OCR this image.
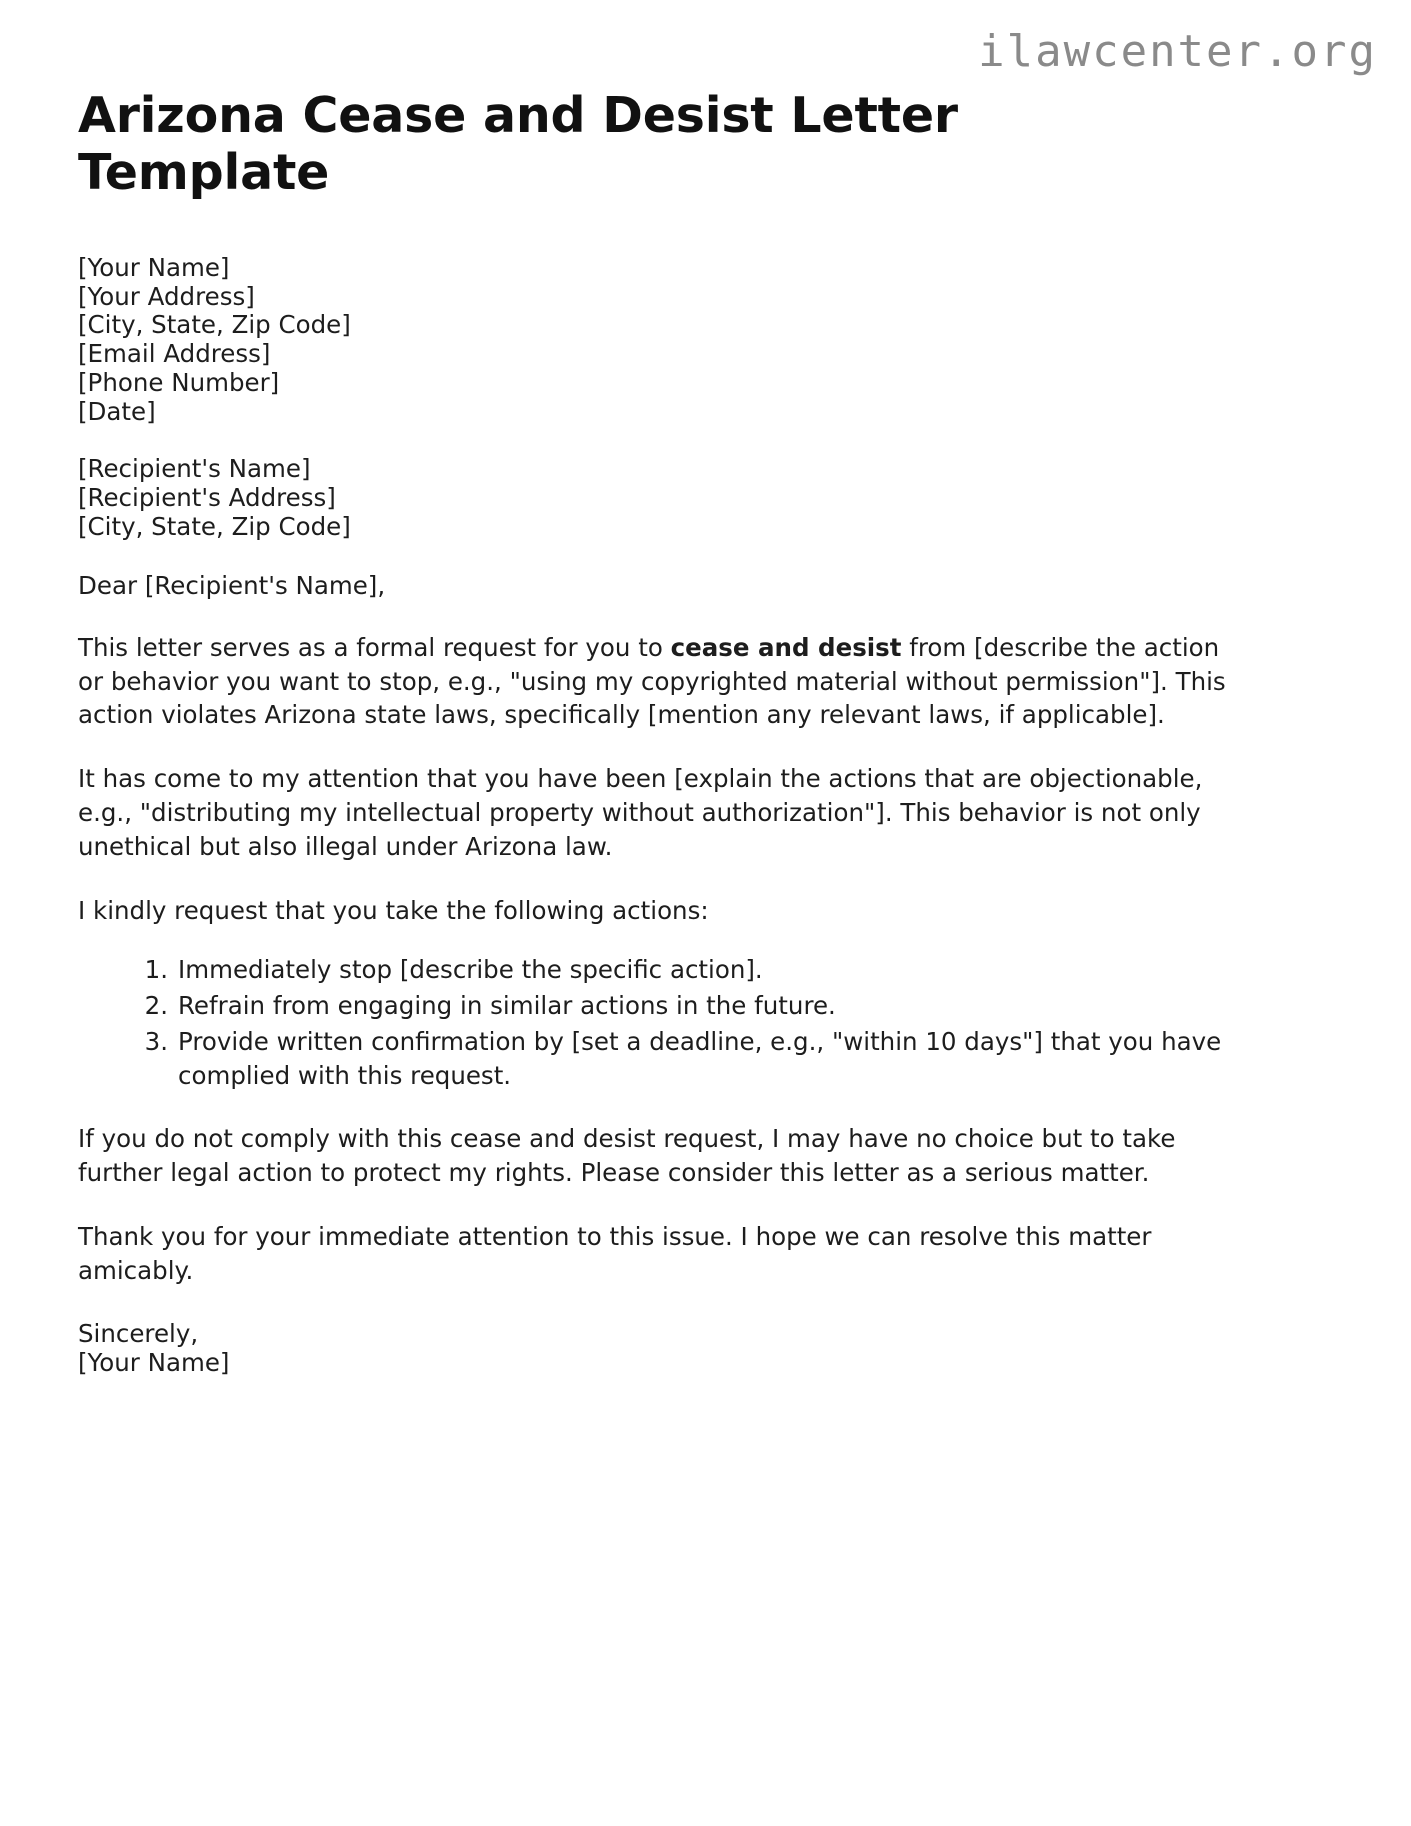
ilawcenter.org
Arizona Cease and Desist Letter Template
[Your Name]
[Your Address]
[City, State, Zip Code]
[Email Address]
[Phone Number]
[Date]
[Recipient's Name]
[Recipient's Address]
[City, State, Zip Code]
Dear [Recipient's Name],

This letter serves as a formal request for you to cease and desist from [describe the action or behavior you want to stop, e.g., "using my copyrighted material without permission"]. This action violates Arizona state laws, specifically [mention any relevant laws, if applicable].

It has come to my attention that you have been [explain the actions that are objectionable, e.g., "distributing my intellectual property without authorization"]. This behavior is not only unethical but also illegal under Arizona law.

I kindly request that you take the following actions:

Immediately stop [describe the specific action].
Refrain from engaging in similar actions in the future.
Provide written confirmation by [set a deadline, e.g., "within 10 days"] that you have complied with this request.

If you do not comply with this cease and desist request, I may have no choice but to take further legal action to protect my rights. Please consider this letter as a serious matter.

Thank you for your immediate attention to this issue. I hope we can resolve this matter amicably.

Sincerely,
[Your Name]
